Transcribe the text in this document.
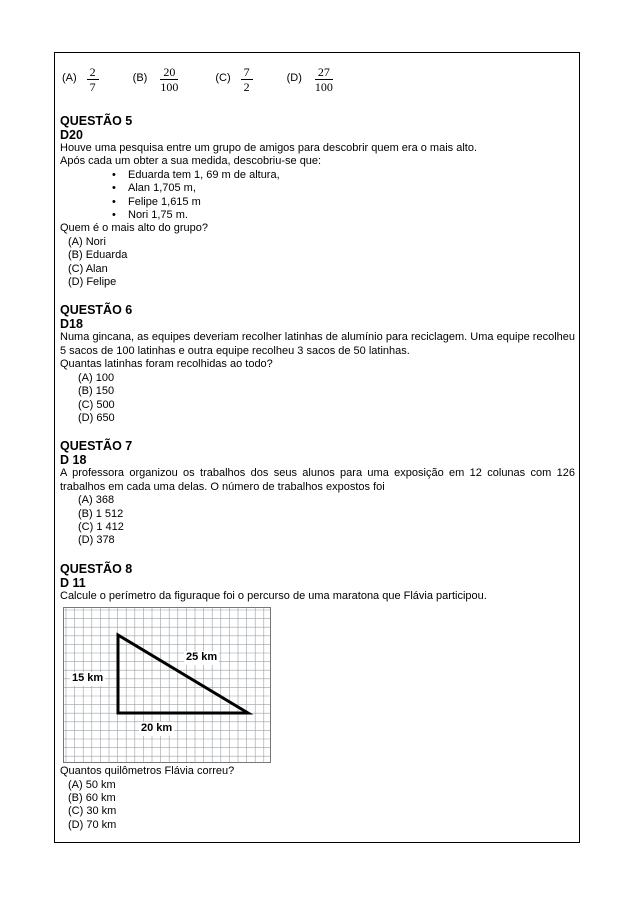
$(A) \frac{2}{7}$	$(B) \frac{20}{100}$	$(C) \frac{7}{2}$	$(D) \frac{27}{100}$
QUESTÃO 5
D20

Houve uma pesquisa entre um grupo de amigos para descobrir quem era o mais alto.

Após cada um obter a sua medida, descobriu-se que:

• Eduarda tem 1, 69 m de altura,
• Alan 1,705 m,
• Felipe 1,615 m
• Nori 1,75 m.

Quem é o mais alto do grupo?

(A) Nori
(B) Eduarda
(C) Alan
(D) Felipe
QUESTÃO 6
D18

Numa gincana, as equipes deveriam recolher latinhas de alumínio para reciclagem. Uma equipe recolheu 5 sacos de 100 latinhas e outra equipe recolheu 3 sacos de 50 latinhas.

Quantas latinhas foram recolhidas ao todo?

(A) 100
(B) 150
(C) 500
(D) 650
QUESTÃO 7
D 18

A professora organizou os trabalhos dos seus alunos para uma exposição em 12 colunas com 126 trabalhos em cada uma delas. O número de trabalhos expostos foi

(A) 368
(B) 1 512
(C) 1 412
(D) 378
QUESTÃO 8
D 11

Calcule o perímetro da figuraque foi o percurso de uma maratona que Flávia participou.

25 km
15 km
20 km

Quantos quilômetros Flávia correu?

(A) 50 km
(B) 60 km
(C) 30 km
(D) 70 km
